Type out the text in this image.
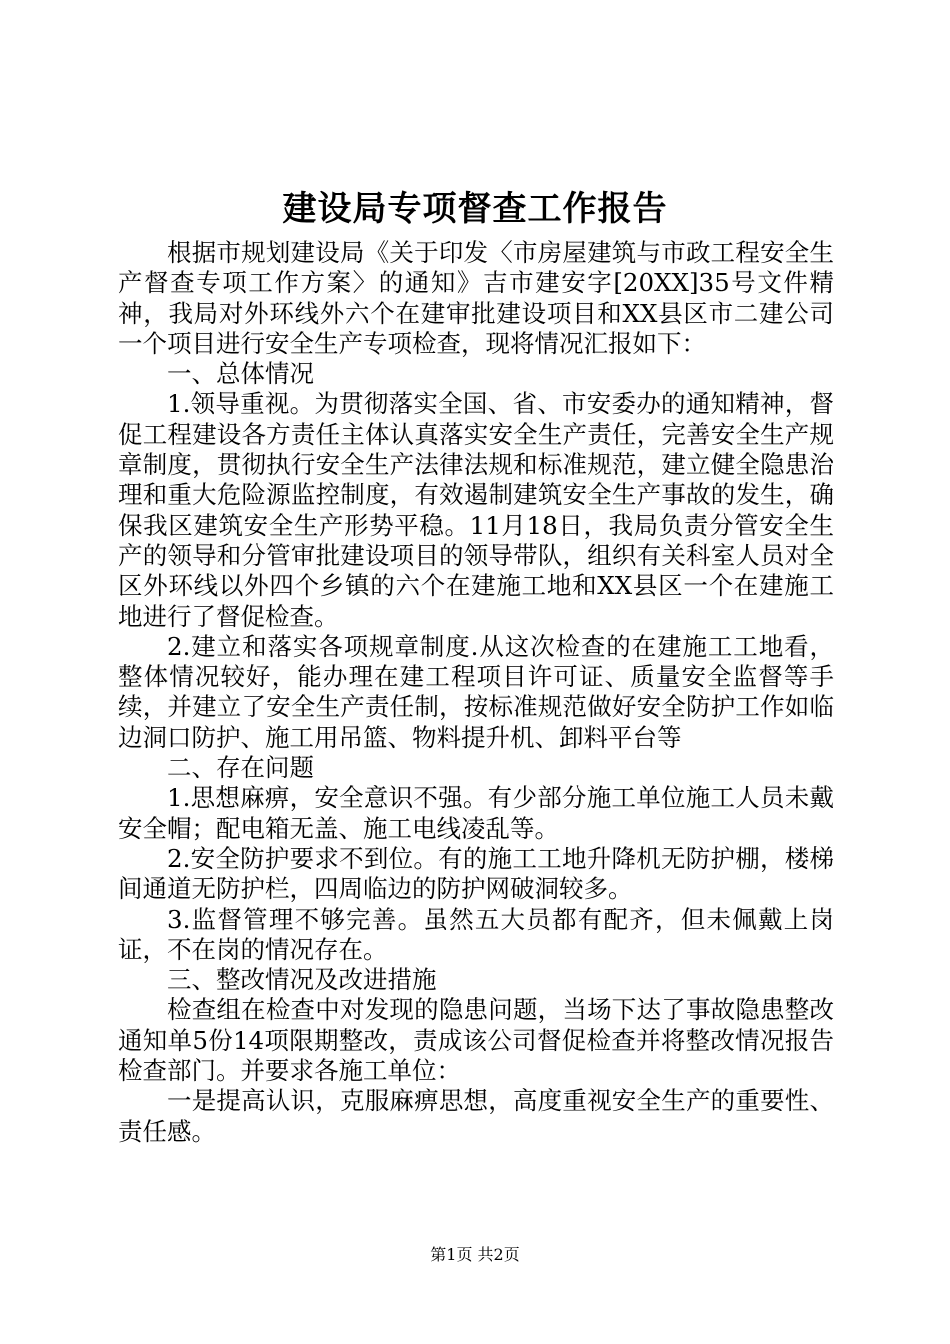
建设局专项督查工作报告

根据市规划建设局《关于印发〈市房屋建筑与市政工程安全生产督查专项工作方案〉的通知》吉市建安字[20XX]35号文件精神，我局对外环线外六个在建审批建设项目和XX县区市二建公司一个项目进行安全生产专项检查，现将情况汇报如下：

一、总体情况

1.领导重视。为贯彻落实全国、省、市安委办的通知精神，督促工程建设各方责任主体认真落实安全生产责任，完善安全生产规章制度，贯彻执行安全生产法律法规和标准规范，建立健全隐患治理和重大危险源监控制度，有效遏制建筑安全生产事故的发生，确保我区建筑安全生产形势平稳。11月18日，我局负责分管安全生产的领导和分管审批建设项目的领导带队，组织有关科室人员对全区外环线以外四个乡镇的六个在建施工地和XX县区一个在建施工地进行了督促检查。

2.建立和落实各项规章制度.从这次检查的在建施工工地看，整体情况较好，能办理在建工程项目许可证、质量安全监督等手续，并建立了安全生产责任制，按标准规范做好安全防护工作如临边洞口防护、施工用吊篮、物料提升机、卸料平台等

二、存在问题

1.思想麻痹，安全意识不强。有少部分施工单位施工人员未戴安全帽；配电箱无盖、施工电线凌乱等。

2.安全防护要求不到位。有的施工工地升降机无防护棚，楼梯间通道无防护栏，四周临边的防护网破洞较多。

3.监督管理不够完善。虽然五大员都有配齐，但未佩戴上岗证，不在岗的情况存在。

三、整改情况及改进措施

检查组在检查中对发现的隐患问题，当场下达了事故隐患整改通知单5份14项限期整改，责成该公司督促检查并将整改情况报告检查部门。并要求各施工单位：

一是提高认识，克服麻痹思想，高度重视安全生产的重要性、责任感。

第1页 共2页
